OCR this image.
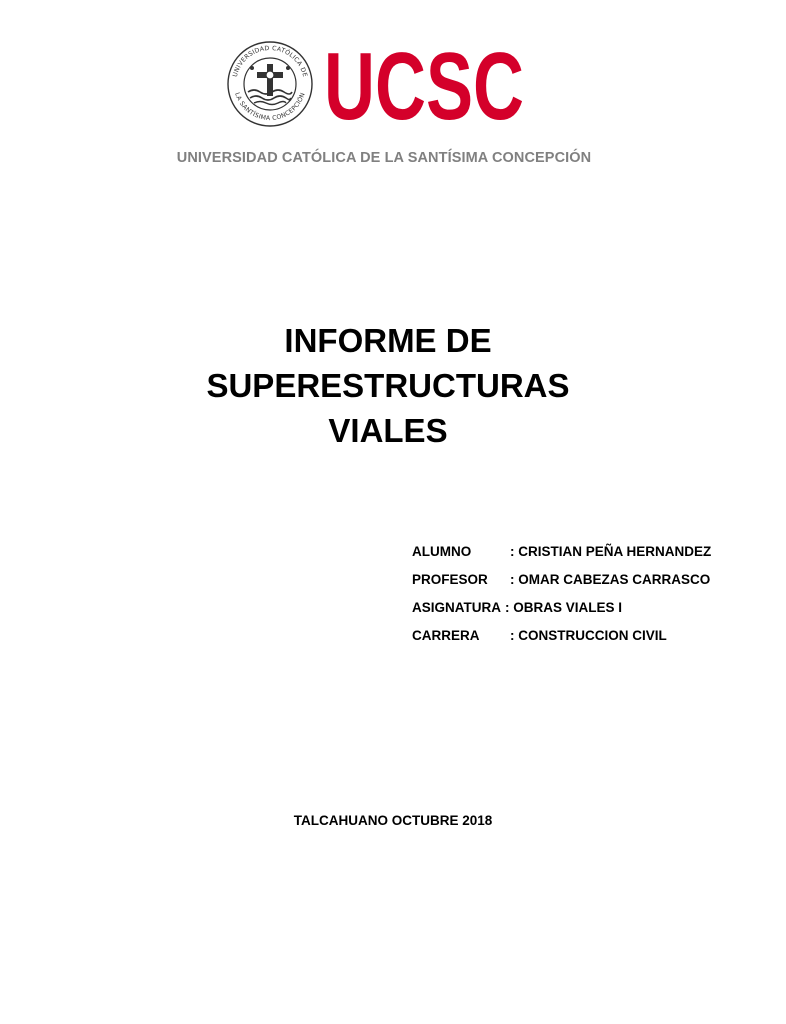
UNIVERSIDAD CATÓLICA DE
LA SANTÍSIMA CONCEPCIÓN UCSC
UNIVERSIDAD CATÓLICA DE LA SANTÍSIMA CONCEPCIÓN
INFORME DE
SUPERESTRUCTURAS
VIALES
ALUMNO	: CRISTIAN PEÑA HERNANDEZ
PROFESOR : OMAR CABEZAS CARRASCO
ASIGNATURA : OBRAS VIALES I
CARRERA : CONSTRUCCION CIVIL
TALCAHUANO OCTUBRE 2018
